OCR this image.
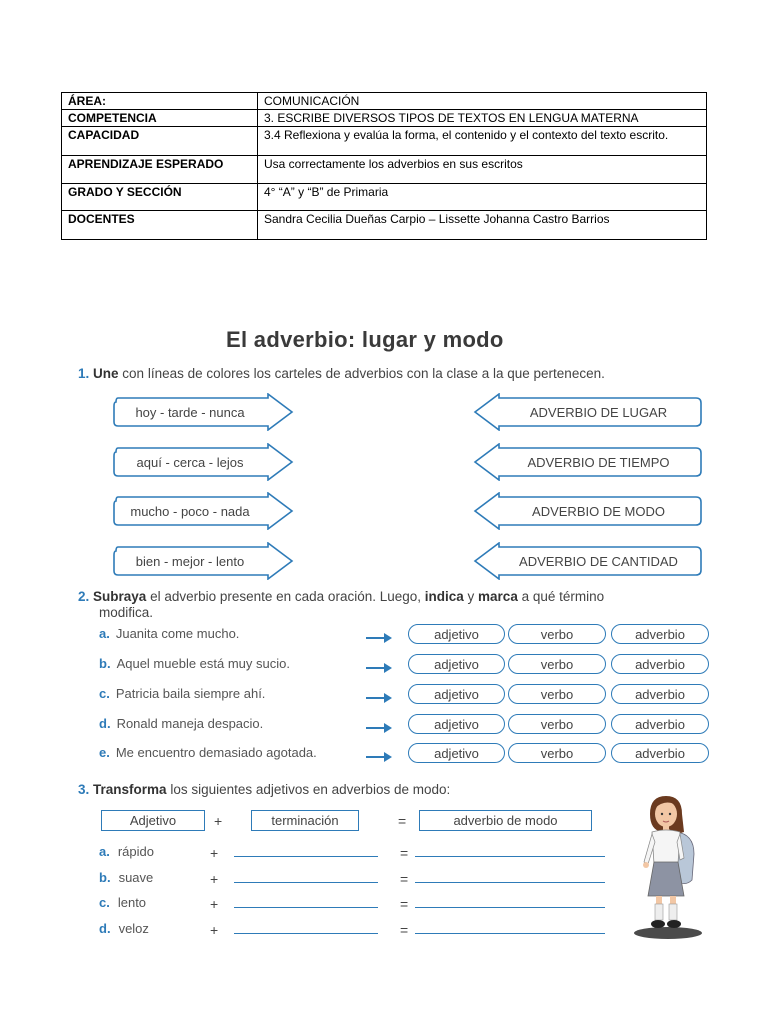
ÁREA:	COMUNICACIÓN
COMPETENCIA	3. ESCRIBE DIVERSOS TIPOS DE TEXTOS EN LENGUA MATERNA
CAPACIDAD	3.4 Reflexiona y evalúa la forma, el contenido y el contexto del texto escrito.
APRENDIZAJE ESPERADO	Usa correctamente los adverbios en sus escritos
GRADO Y SECCIÓN	4° “A” y “B” de Primaria
DOCENTES	Sandra Cecilia Dueñas Carpio – Lissette Johanna Castro Barrios
El adverbio: lugar y modo
1. Une con líneas de colores los carteles de adverbios con la clase a la que pertenecen.
hoy - tarde - nunca
aquí - cerca - lejos
mucho - poco - nada
bien - mejor - lento
ADVERBIO DE LUGAR
ADVERBIO DE TIEMPO
ADVERBIO DE MODO
ADVERBIO DE CANTIDAD
2. Subraya el adverbio presente en cada oración. Luego, indica y marca a qué término
modifica.
a. Juanita come mucho.	adjetivo	verbo	adverbio
b. Aquel mueble está muy sucio.	adjetivo	verbo	adverbio
c. Patricia baila siempre ahí.	adjetivo	verbo	adverbio
d. Ronald maneja despacio.	adjetivo	verbo	adverbio
e. Me encuentro demasiado agotada.	adjetivo	verbo	adverbio
3. Transforma los siguientes adjetivos en adverbios de modo:
Adjetivo	+	terminación	=	adverbio de modo
a. rápido	+	=
b. suave	+	=
c. lento	+	=
d. veloz	+	=
